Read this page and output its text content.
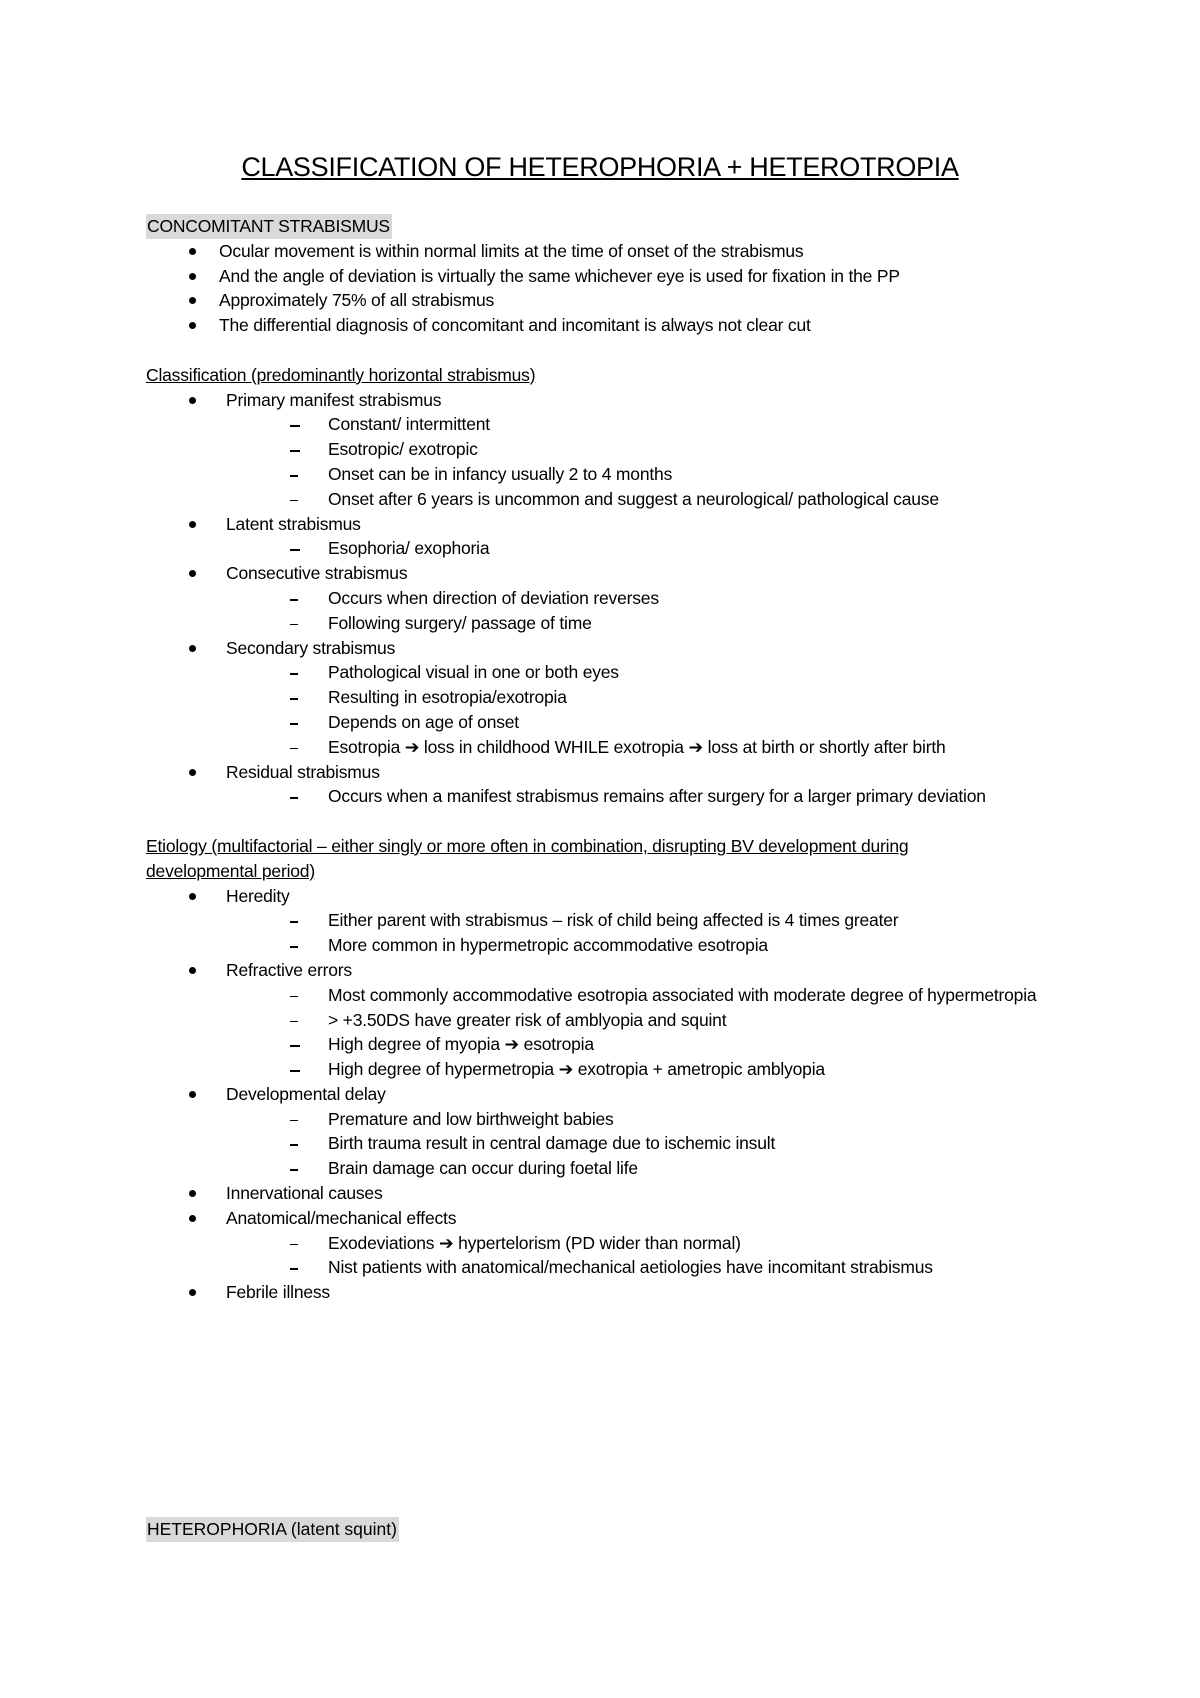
CLASSIFICATION OF HETEROPHORIA + HETEROTROPIA
CONCOMITANT STRABISMUS
Ocular movement is within normal limits at the time of onset of the strabismus
And the angle of deviation is virtually the same whichever eye is used for fixation in the PP
Approximately 75% of all strabismus
The differential diagnosis of concomitant and incomitant is always not clear cut
Classification (predominantly horizontal strabismus)
Primary manifest strabismus
Constant/ intermittent
Esotropic/ exotropic
Onset can be in infancy usually 2 to 4 months
Onset after 6 years is uncommon and suggest a neurological/ pathological cause
Latent strabismus
Esophoria/ exophoria
Consecutive strabismus
Occurs when direction of deviation reverses
Following surgery/ passage of time
Secondary strabismus
Pathological visual in one or both eyes
Resulting in esotropia/exotropia
Depends on age of onset
Esotropia ➔ loss in childhood WHILE exotropia ➔ loss at birth or shortly after birth
Residual strabismus
Occurs when a manifest strabismus remains after surgery for a larger primary deviation
Etiology (multifactorial – either singly or more often in combination, disrupting BV development during
developmental period)
Heredity
Either parent with strabismus – risk of child being affected is 4 times greater
More common in hypermetropic accommodative esotropia
Refractive errors
Most commonly accommodative esotropia associated with moderate degree of hypermetropia
> +3.50DS have greater risk of amblyopia and squint
High degree of myopia ➔ esotropia
High degree of hypermetropia ➔ exotropia + ametropic amblyopia
Developmental delay
Premature and low birthweight babies
Birth trauma result in central damage due to ischemic insult
Brain damage can occur during foetal life
Innervational causes
Anatomical/mechanical effects
Exodeviations ➔ hypertelorism (PD wider than normal)
Nist patients with anatomical/mechanical aetiologies have incomitant strabismus
Febrile illness
HETEROPHORIA (latent squint)
